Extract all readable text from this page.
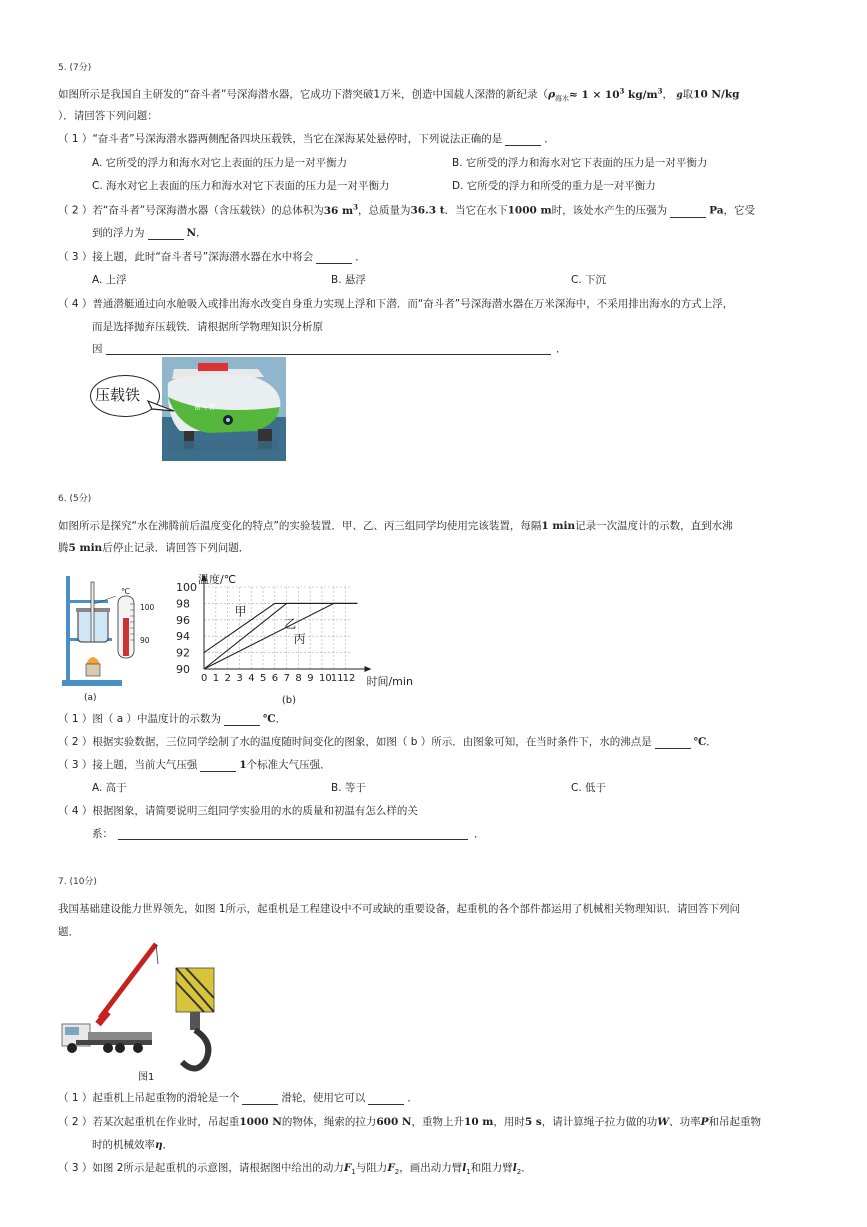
5. (7分)
如图所示是我国自主研发的“奋斗者”号深海潜水器，它成功下潜突破1万米，创造中国载人深潜的新纪录（$\rho_{海水}\approx 1 \times 10^3$ $kg/m^3$， g取10 N/kg
）．请回答下列问题：
（ 1 ）“奋斗者”号深海潜水器两侧配备四块压载铁，当它在深海某处悬停时，下列说法正确的是	．
A. 它所受的浮力和海水对它上表面的压力是一对平衡力	B. 它所受的浮力和海水对它下表面的压力是一对平衡力
C. 海水对它上表面的压力和海水对它下表面的压力是一对平衡力	D. 它所受的浮力和所受的重力是一对平衡力
（ 2 ）若“奋斗者”号深海潜水器（含压载铁）的总体积为36 $m^3$，总质量为36.3 t．当它在水下1000 m时，该处水产生的压强为	Pa，它受
到的浮力为	N．
（ 3 ）接上题，此时“奋斗者号”深海潜水器在水中将会	．
A. 上浮	B. 悬浮	C. 下沉
（ 4 ）普通潜艇通过向水舱吸入或排出海水改变自身重力实现上浮和下潜．而“奋斗者”号深海潜水器在万米深海中，不采用排出海水的方式上浮，
而是选择抛弃压载铁．请根据所学物理知识分析原
因	．
奋斗者
压载铁
6. (5分)
如图所示是探究“水在沸腾前后温度变化的特点”的实验装置．甲、乙、丙三组同学均使用完该装置，每隔1 min记录一次温度计的示数，直到水沸
腾5 min后停止记录．请回答下列问题．
℃
100
90
(a)
90
92
94
96
98
100
0 1 2 3 4 5 6 7 8 9 10 11 12
温度/℃
时间/min
甲
乙
丙
(b)
（ 1 ）图（ a ）中温度计的示数为	℃．
（ 2 ）根据实验数据，三位同学绘制了水的温度随时间变化的图象，如图（ b ）所示．由图象可知，在当时条件下，水的沸点是	℃．
（ 3 ）接上题，当前大气压强	1个标准大气压强．
A. 高于	B. 等于	C. 低于
（ 4 ）根据图象，请简要说明三组同学实验用的水的质量和初温有怎么样的关
系：	．
7. (10分)
我国基础建设能力世界领先，如图 1所示，起重机是工程建设中不可或缺的重要设备，起重机的各个部件都运用了机械相关物理知识．请回答下列问
题．
图1
（ 1 ）起重机上吊起重物的滑轮是一个	滑轮，使用它可以	．
（ 2 ）若某次起重机在作业时，吊起重1000 N的物体，绳索的拉力600 N，重物上升10 m，用时5 s，请计算绳子拉力做的功W、功率P和吊起重物
时的机械效率η．
（ 3 ）如图 2所示是起重机的示意图，请根据图中给出的动力$F_1$与阻力$F_2$，画出动力臂$l_1$和阻力臂$l_2$．
